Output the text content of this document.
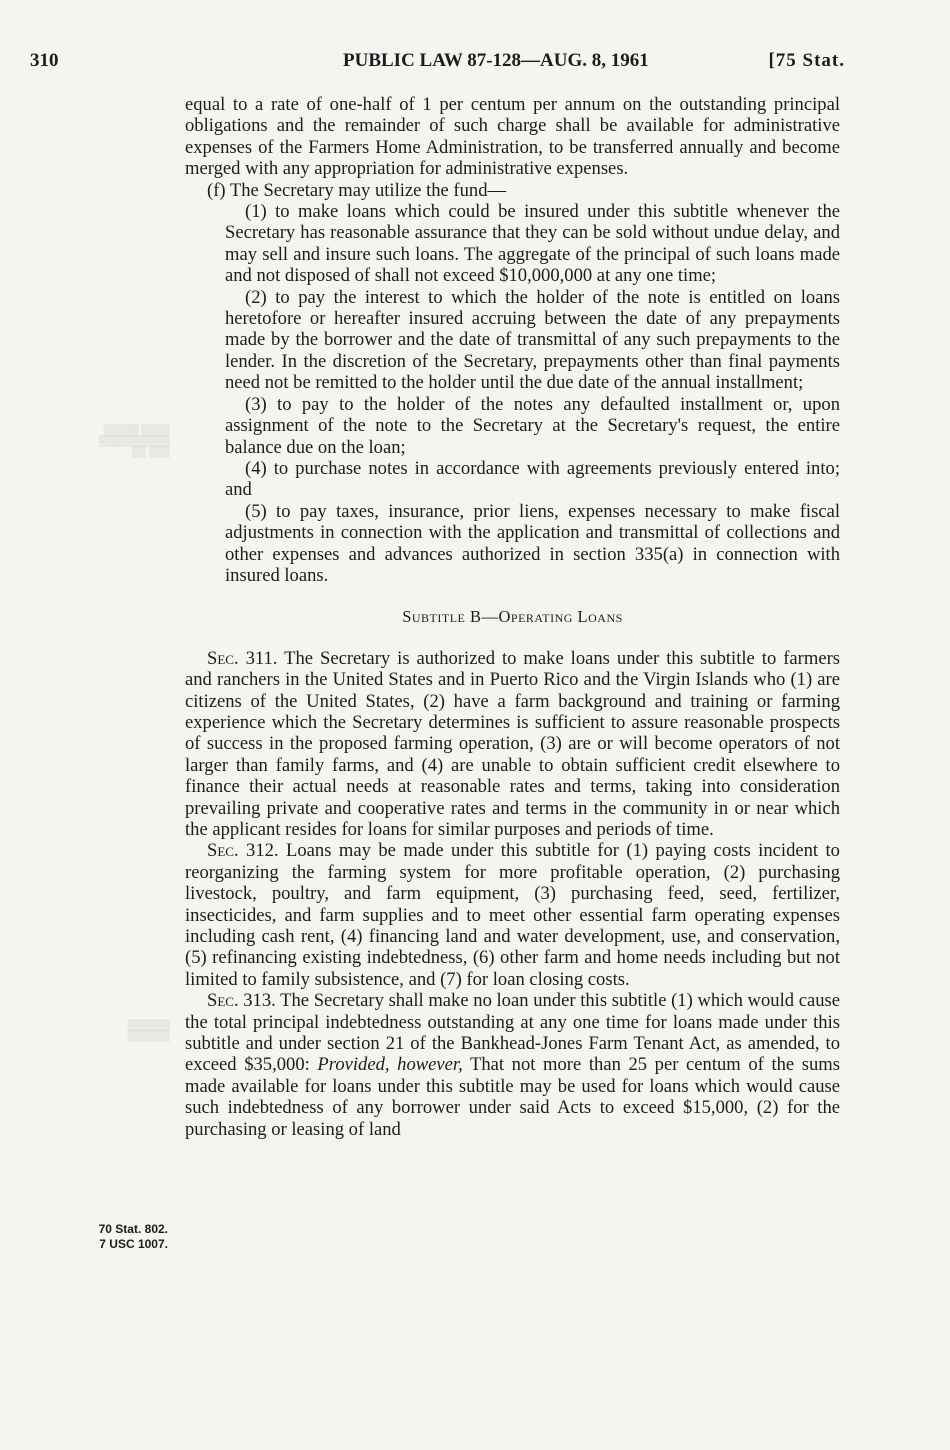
310	PUBLIC LAW 87-128—AUG. 8, 1961	[75 Stat.
▒▒▒▒▒ ▒▒▒▒
▒▒▒▒▒▒▒▒▒▒
▒▒ ▒▒▒
▒▒▒▒▒▒
▒▒▒▒▒▒

equal to a rate of one-half of 1 per centum per annum on the outstanding principal obligations and the remainder of such charge shall be available for administrative expenses of the Farmers Home Administration, to be transferred annually and become merged with any appropriation for administrative expenses.

(f) The Secretary may utilize the fund—

(1) to make loans which could be insured under this subtitle whenever the Secretary has reasonable assurance that they can be sold without undue delay, and may sell and insure such loans. The aggregate of the principal of such loans made and not disposed of shall not exceed $10,000,000 at any one time;

(2) to pay the interest to which the holder of the note is entitled on loans heretofore or hereafter insured accruing between the date of any prepayments made by the borrower and the date of transmittal of any such prepayments to the lender. In the discretion of the Secretary, prepayments other than final payments need not be remitted to the holder until the due date of the annual installment;

(3) to pay to the holder of the notes any defaulted installment or, upon assignment of the note to the Secretary at the Secretary's request, the entire balance due on the loan;

(4) to purchase notes in accordance with agreements previously entered into; and

(5) to pay taxes, insurance, prior liens, expenses necessary to make fiscal adjustments in connection with the application and transmittal of collections and other expenses and advances authorized in section 335(a) in connection with insured loans.

Subtitle B—Operating Loans

Sec. 311. The Secretary is authorized to make loans under this subtitle to farmers and ranchers in the United States and in Puerto Rico and the Virgin Islands who (1) are citizens of the United States, (2) have a farm background and training or farming experience which the Secretary determines is sufficient to assure reasonable prospects of success in the proposed farming operation, (3) are or will become operators of not larger than family farms, and (4) are unable to obtain sufficient credit elsewhere to finance their actual needs at reasonable rates and terms, taking into consideration prevailing private and cooperative rates and terms in the community in or near which the applicant resides for loans for similar purposes and periods of time.

Sec. 312. Loans may be made under this subtitle for (1) paying costs incident to reorganizing the farming system for more profitable operation, (2) purchasing livestock, poultry, and farm equipment, (3) purchasing feed, seed, fertilizer, insecticides, and farm supplies and to meet other essential farm operating expenses including cash rent, (4) financing land and water development, use, and conservation, (5) refinancing existing indebtedness, (6) other farm and home needs including but not limited to family subsistence, and (7) for loan closing costs.

Sec. 313. The Secretary shall make no loan under this subtitle (1) which would cause the total principal indebtedness outstanding at any one time for loans made under this subtitle and under section 21 of the Bankhead-Jones Farm Tenant Act, as amended, to exceed $35,000: Provided, however, That not more than 25 per centum of the sums made available for loans under this subtitle may be used for loans which would cause such indebtedness of any borrower under said Acts to exceed $15,000, (2) for the purchasing or leasing of land

70 Stat. 802.
7 USC 1007.
